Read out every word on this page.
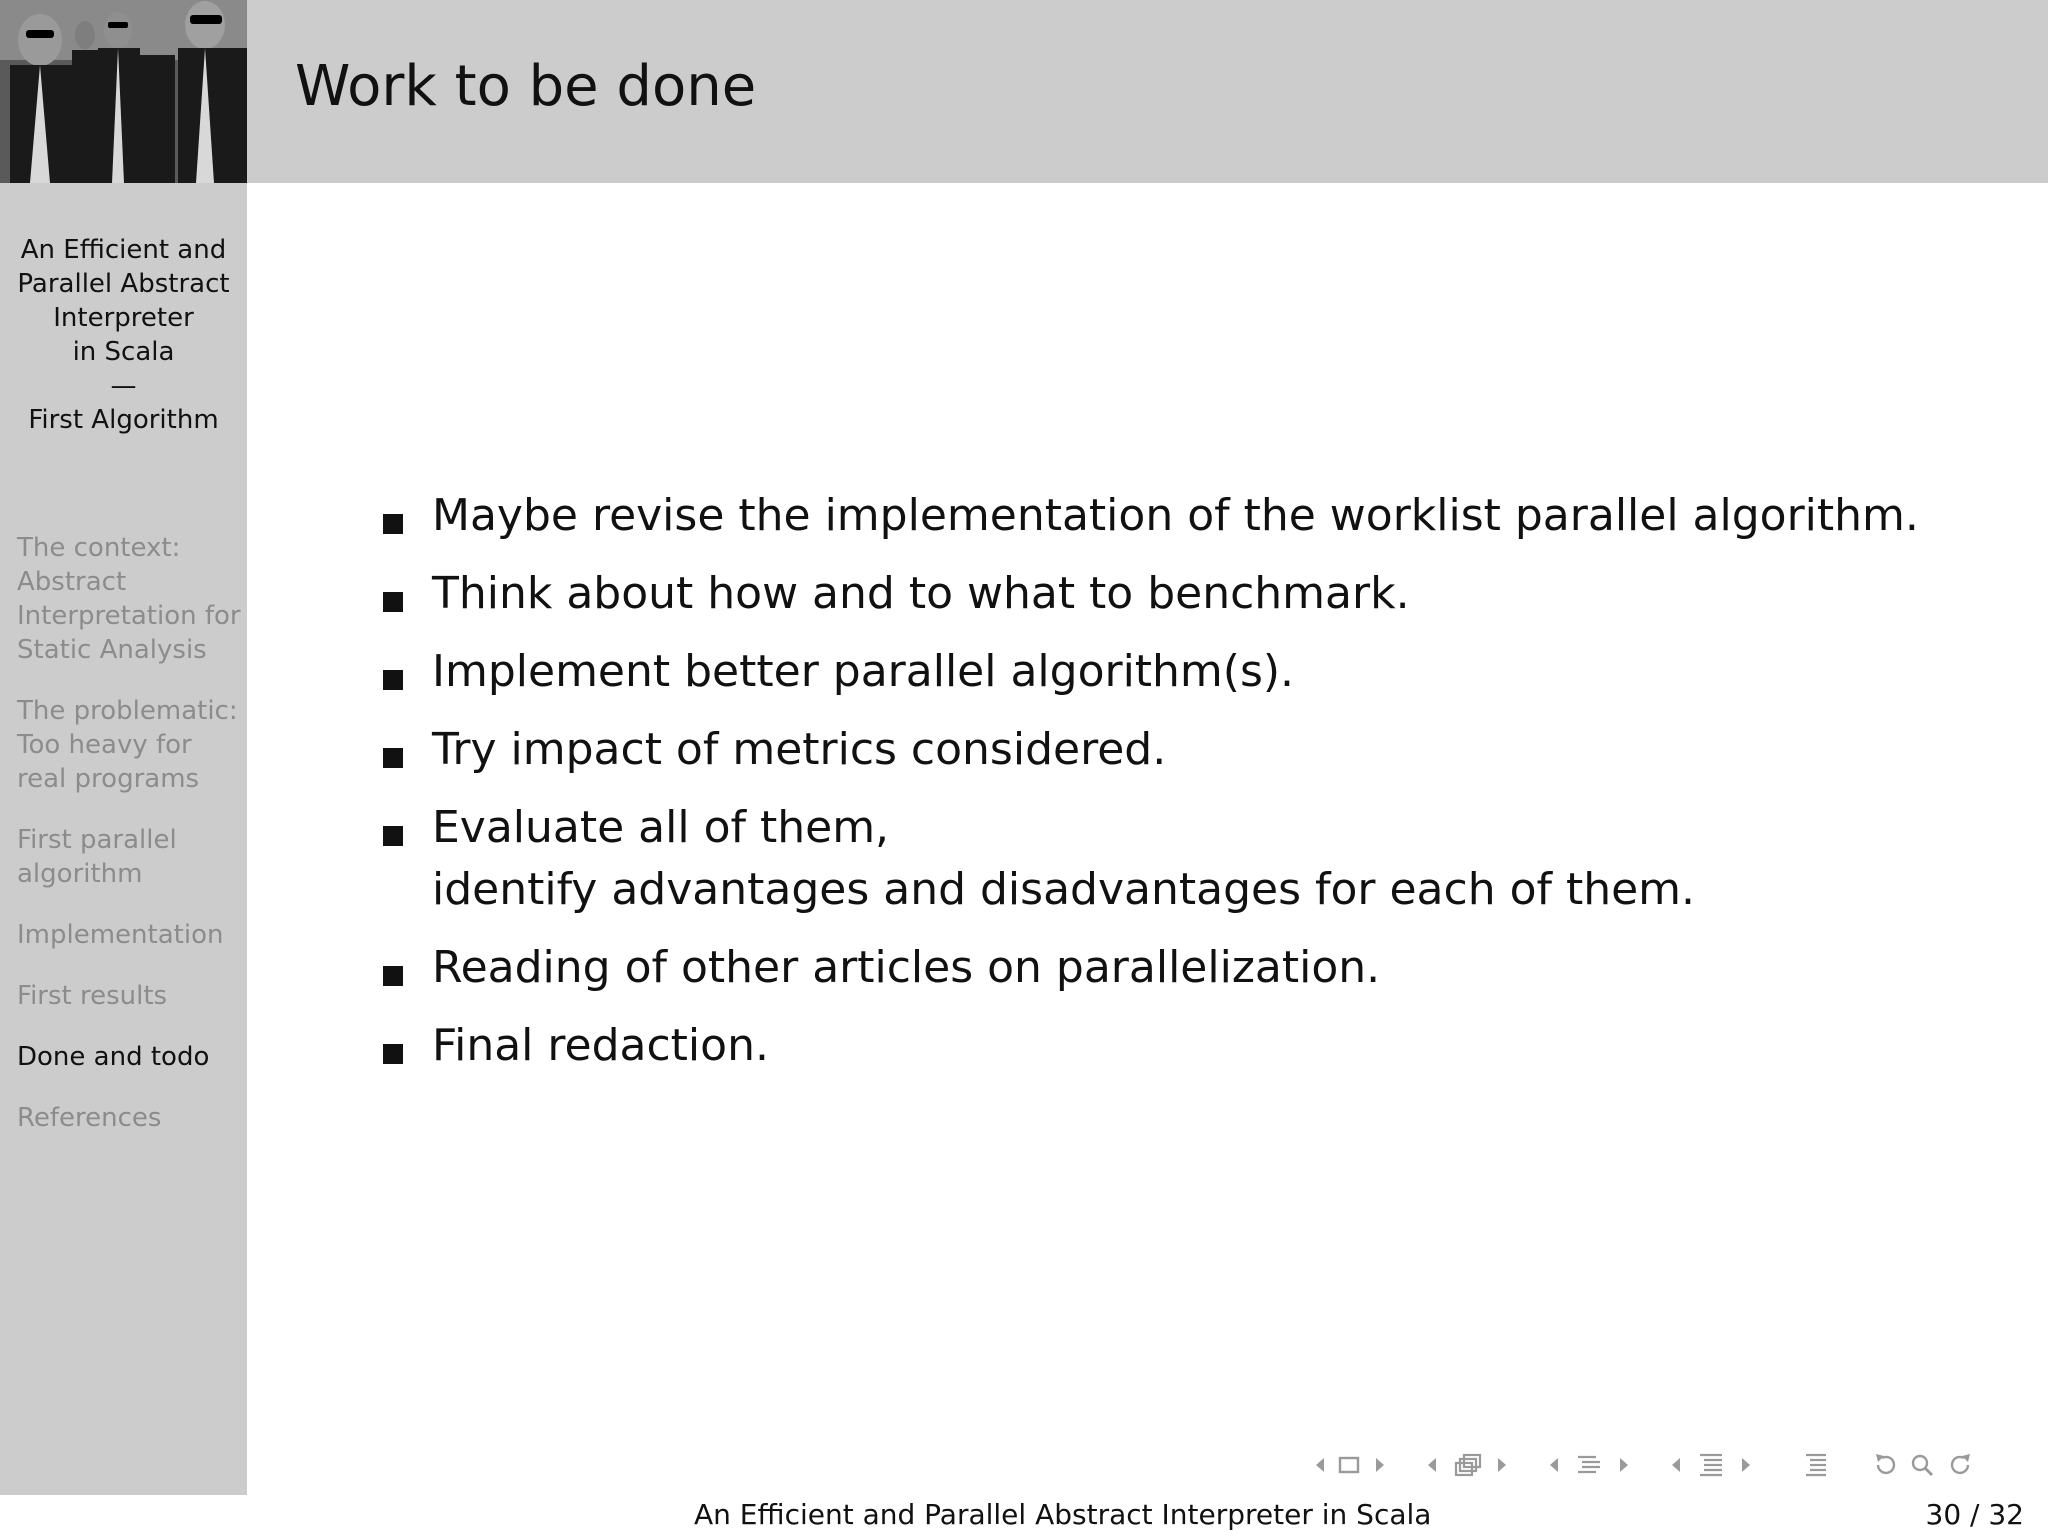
Work to be done
An Efficient and
Parallel Abstract
Interpreter
in Scala
—
First Algorithm
The context:
Abstract
Interpretation for
Static Analysis
The problematic:
Too heavy for
real programs
First parallel
algorithm
Implementation
First results
Done and todo
References
Maybe revise the implementation of the worklist parallel algorithm.
Think about how and to what to benchmark.
Implement better parallel algorithm(s).
Try impact of metrics considered.
Evaluate all of them,
identify advantages and disadvantages for each of them.
Reading of other articles on parallelization.
Final redaction.
An Efficient and Parallel Abstract Interpreter in Scala	30 / 32
